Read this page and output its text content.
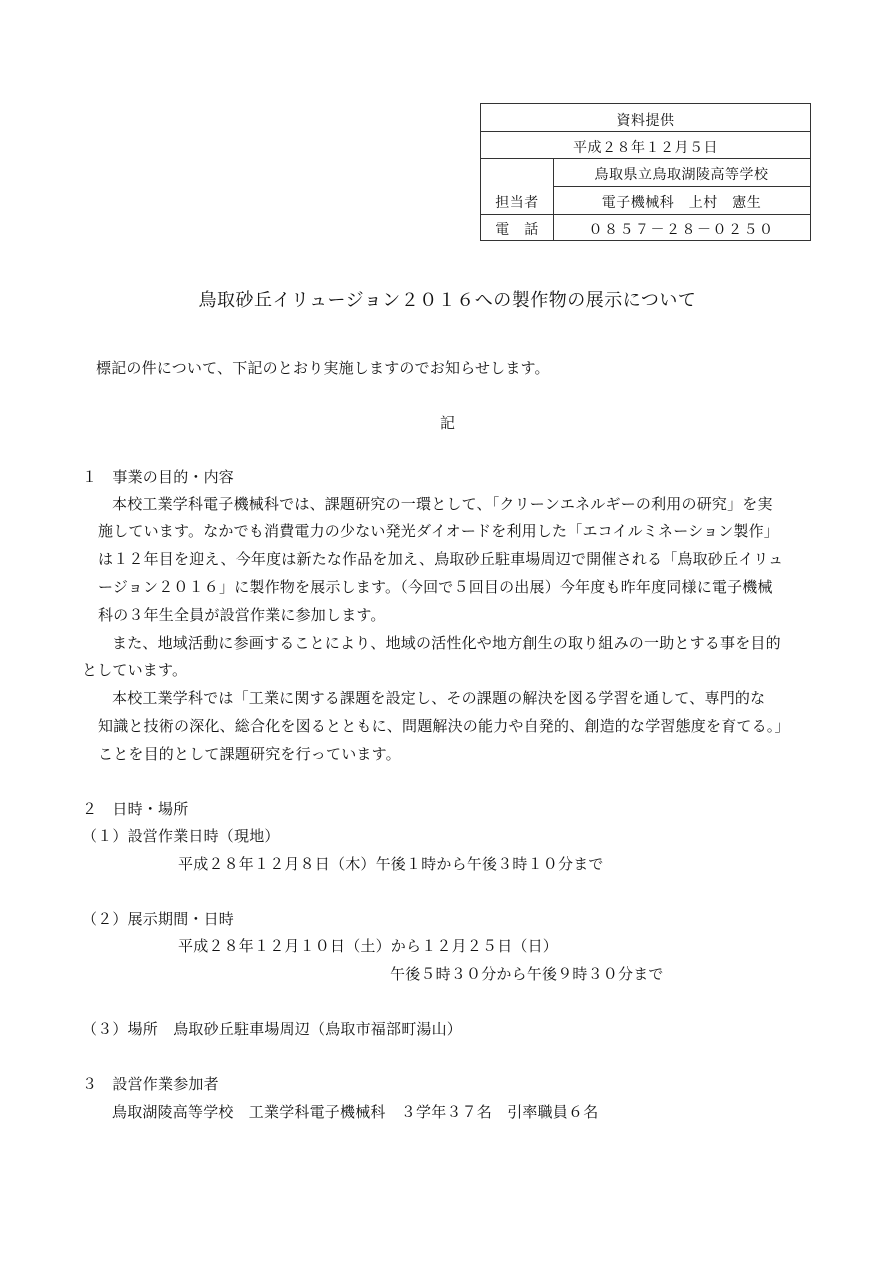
資料提供
平成２８年１２月５日
鳥取県立鳥取湖陵高等学校
担当者	電子機械科　上村　憲生
電　話	０８５７－２８－０２５０
鳥取砂丘イリュージョン２０１６への製作物の展示について
標記の件について、下記のとおり実施しますのでお知らせします。
記
１　事業の目的・内容
本校工業学科電子機械科では、課題研究の一環として、「クリーンエネルギーの利用の研究」を実
施しています。なかでも消費電力の少ない発光ダイオードを利用した「エコイルミネーション製作」
は１２年目を迎え、今年度は新たな作品を加え、鳥取砂丘駐車場周辺で開催される「鳥取砂丘イリュ
ージョン２０１６」に製作物を展示します。（今回で５回目の出展）今年度も昨年度同様に電子機械
科の３年生全員が設営作業に参加します。
また、地域活動に参画することにより、地域の活性化や地方創生の取り組みの一助とする事を目的
としています。
本校工業学科では「工業に関する課題を設定し、その課題の解決を図る学習を通して、専門的な
知識と技術の深化、総合化を図るとともに、問題解決の能力や自発的、創造的な学習態度を育てる。」
ことを目的として課題研究を行っています。
２　日時・場所
（１）設営作業日時（現地）
平成２８年１２月８日（木）午後１時から午後３時１０分まで
（２）展示期間・日時
平成２８年１２月１０日（土）から１２月２５日（日）
午後５時３０分から午後９時３０分まで
（３）場所　鳥取砂丘駐車場周辺（鳥取市福部町湯山）
３　設営作業参加者
鳥取湖陵高等学校　工業学科電子機械科　３学年３７名　引率職員６名
